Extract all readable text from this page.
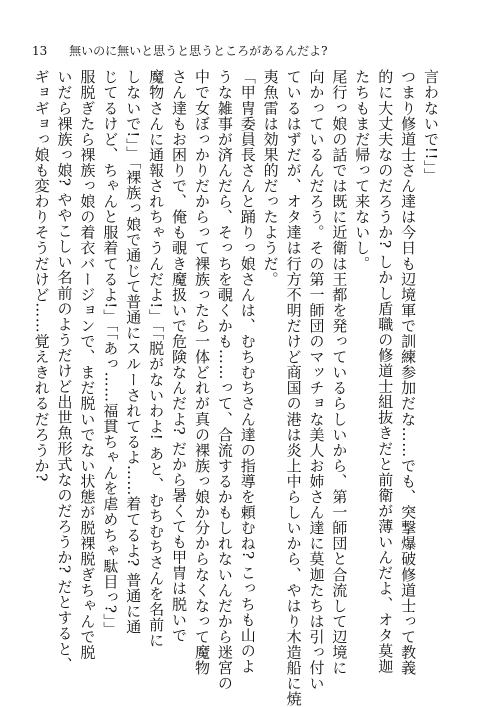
13 無いのに無いと思うと思うところがあるんだよ?
言わないで!!」」
つまり修道士さん達は今日も辺境軍で訓練参加だな……でも、突撃爆破修道士って教義
的に大丈夫なのだろうか? しかし盾職の修道士組抜きだと前衛が薄いんだよ、オタ莫迦
たちもまだ帰って来ないし。
尾行っ娘の話では既に近衛は王都を発っているらしいから、第一師団と合流して辺境に
向かっているんだろう。その第一師団のマッチョな美人お姉さん達に莫迦たちは引っ付い
ているはずだが、オタ達は行方不明だけど商国の港は炎上中らしいから、やはり木造船に焼
夷魚雷は効果的だったようだ。
「甲冑委員長さんと踊りっ娘さんは、むちむちさん達の指導を頼むね? こっちも山のよ
うな雑事が済んだら、そっちを覗くかも……って、合流するかもしれないんだから迷宮の
中で女ぼっかりだからって裸族ったら一体どれが真の裸族っ娘か分からなくなって魔物
さん達もお困りで、俺も覗き魔扱いで危険なんだよ? だから暑くても甲冑は脱いで
魔物さんに通報されちゃうんだよ!」「「脱がないわよ! あと、むちむちさんを名前に
しないで!」」「裸族っ娘で通じて普通にスルーされてるよ……着てるよ? 普通に通
じてるけど、ちゃんと服着てるよ!」「「あっ……福貫ちゃんを虐めちゃ駄目っ?」」
服脱ぎたら裸族っ娘の着衣バージョンで、まだ脱いでない状態が脱裸脱ぎちゃんで脱
いだら裸族っ娘? ややこしい名前のようだけど出世魚形式なのだろうか? だとすると、
ギョギョっ娘も変わりそうだけど……覚えきれるだろうか?
